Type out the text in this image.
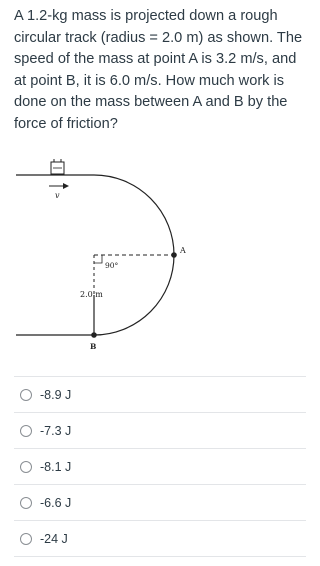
A 1.2-kg mass is projected down a rough circular track (radius = 2.0 m) as shown. The speed of the mass at point A is 3.2 m/s, and at point B, it is 6.0 m/s. How much work is done on the mass between A and B by the force of friction?
v
90°
2.0 m
A
B
-8.9 J
-7.3 J
-8.1 J
-6.6 J
-24 J
